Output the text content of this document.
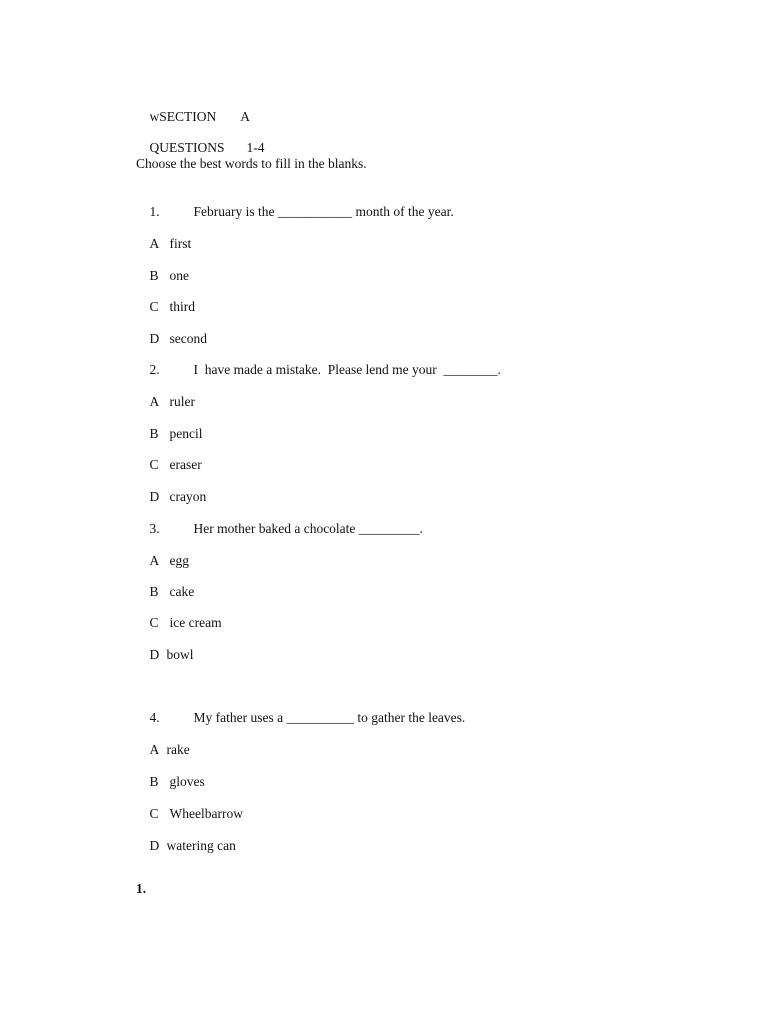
wSECTION A

QUESTIONS 1-4

Choose the best words to fill in the blanks.

1.	February is the ___________ month of the year.

A first

B one

C third

D second

2.	I  have made a mistake.  Please lend me your  ________.

A ruler

B pencil

C eraser

D crayon

3.	Her mother baked a chocolate _________.

A egg

B cake

C ice cream

D bowl

4.	My father uses a __________ to gather the leaves.

A rake

B gloves

C Wheelbarrow

D watering can

1.
